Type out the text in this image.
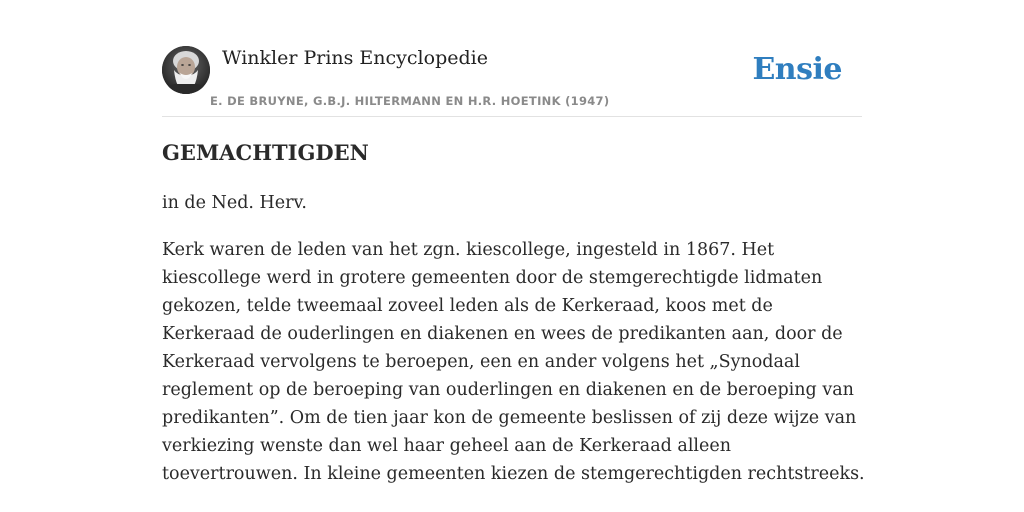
Winkler Prins Encyclopedie
E. DE BRUYNE, G.B.J. HILTERMANN EN H.R. HOETINK (1947)
Ensie
GEMACHTIGDEN

in de Ned. Herv.

Kerk waren de leden van het zgn. kiescollege, ingesteld in 1867. Het kiescollege werd in grotere gemeenten door de stemgerechtigde lidmaten gekozen, telde tweemaal zoveel leden als de Kerkeraad, koos met de Kerkeraad de ouderlingen en diakenen en wees de predikanten aan, door de Kerkeraad vervolgens te beroepen, een en ander volgens het „Synodaal reglement op de beroeping van ouderlingen en diakenen en de beroeping van predikanten”. Om de tien jaar kon de gemeente beslissen of zij deze wijze van verkiezing wenste dan wel haar geheel aan de Kerkeraad alleen toevertrouwen. In kleine gemeenten kiezen de stemgerechtigden rechtstreeks.
